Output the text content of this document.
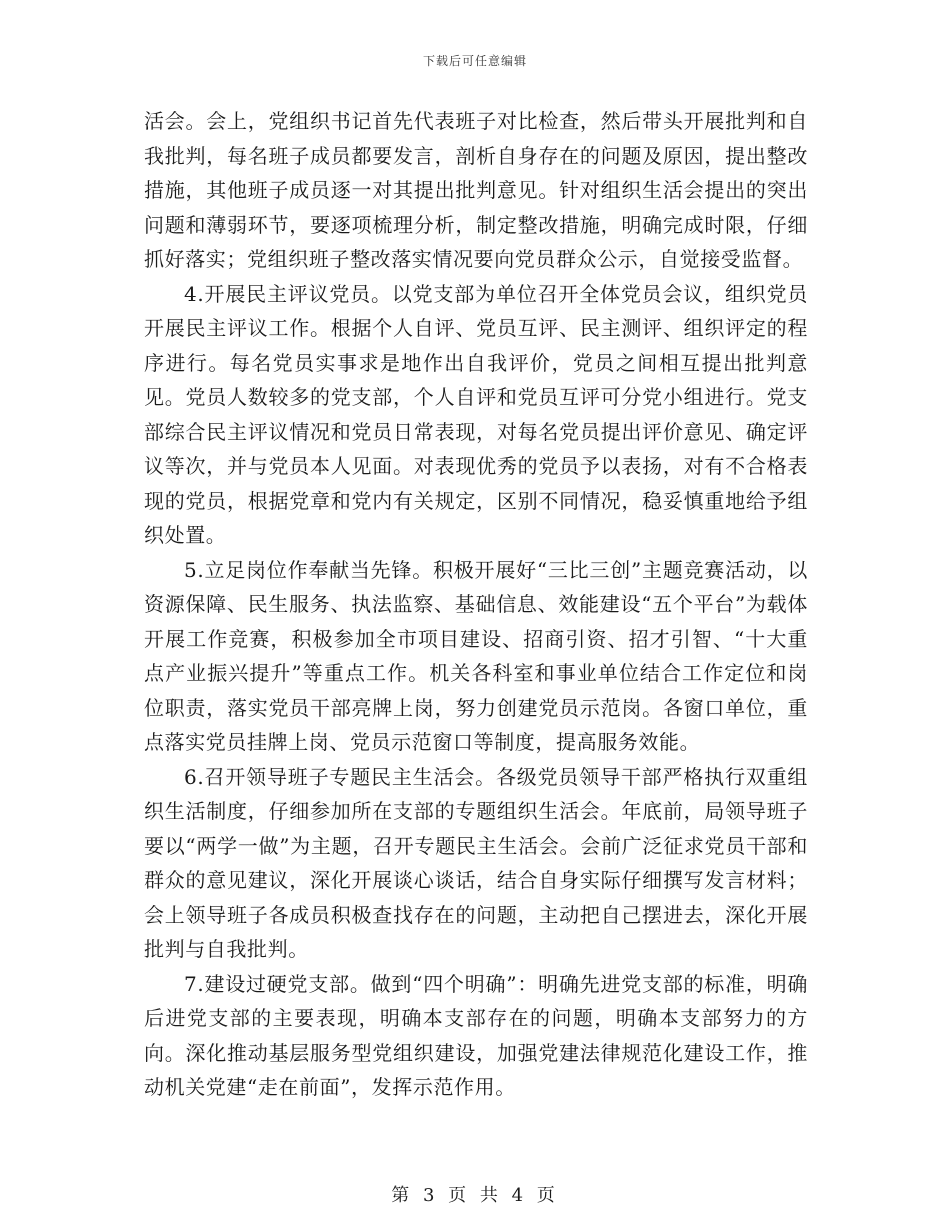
下载后可任意编辑

活会。会上，党组织书记首先代表班子对比检查，然后带头开展批判和自我批判，每名班子成员都要发言，剖析自身存在的问题及原因，提出整改措施，其他班子成员逐一对其提出批判意见。针对组织生活会提出的突出问题和薄弱环节，要逐项梳理分析，制定整改措施，明确完成时限，仔细抓好落实；党组织班子整改落实情况要向党员群众公示，自觉接受监督。

4.开展民主评议党员。以党支部为单位召开全体党员会议，组织党员开展民主评议工作。根据个人自评、党员互评、民主测评、组织评定的程序进行。每名党员实事求是地作出自我评价，党员之间相互提出批判意见。党员人数较多的党支部，个人自评和党员互评可分党小组进行。党支部综合民主评议情况和党员日常表现，对每名党员提出评价意见、确定评议等次，并与党员本人见面。对表现优秀的党员予以表扬，对有不合格表现的党员，根据党章和党内有关规定，区别不同情况，稳妥慎重地给予组织处置。

5.立足岗位作奉献当先锋。积极开展好“三比三创”主题竞赛活动，以资源保障、民生服务、执法监察、基础信息、效能建设“五个平台”为载体开展工作竞赛，积极参加全市项目建设、招商引资、招才引智、“十大重点产业振兴提升”等重点工作。机关各科室和事业单位结合工作定位和岗位职责，落实党员干部亮牌上岗，努力创建党员示范岗。各窗口单位，重点落实党员挂牌上岗、党员示范窗口等制度，提高服务效能。

6.召开领导班子专题民主生活会。各级党员领导干部严格执行双重组织生活制度，仔细参加所在支部的专题组织生活会。年底前，局领导班子要以“两学一做”为主题，召开专题民主生活会。会前广泛征求党员干部和群众的意见建议，深化开展谈心谈话，结合自身实际仔细撰写发言材料；会上领导班子各成员积极查找存在的问题，主动把自己摆进去，深化开展批判与自我批判。

7.建设过硬党支部。做到“四个明确”：明确先进党支部的标准，明确后进党支部的主要表现，明确本支部存在的问题，明确本支部努力的方向。深化推动基层服务型党组织建设，加强党建法律规范化建设工作，推动机关党建“走在前面”，发挥示范作用。

第 3 页 共 4 页
